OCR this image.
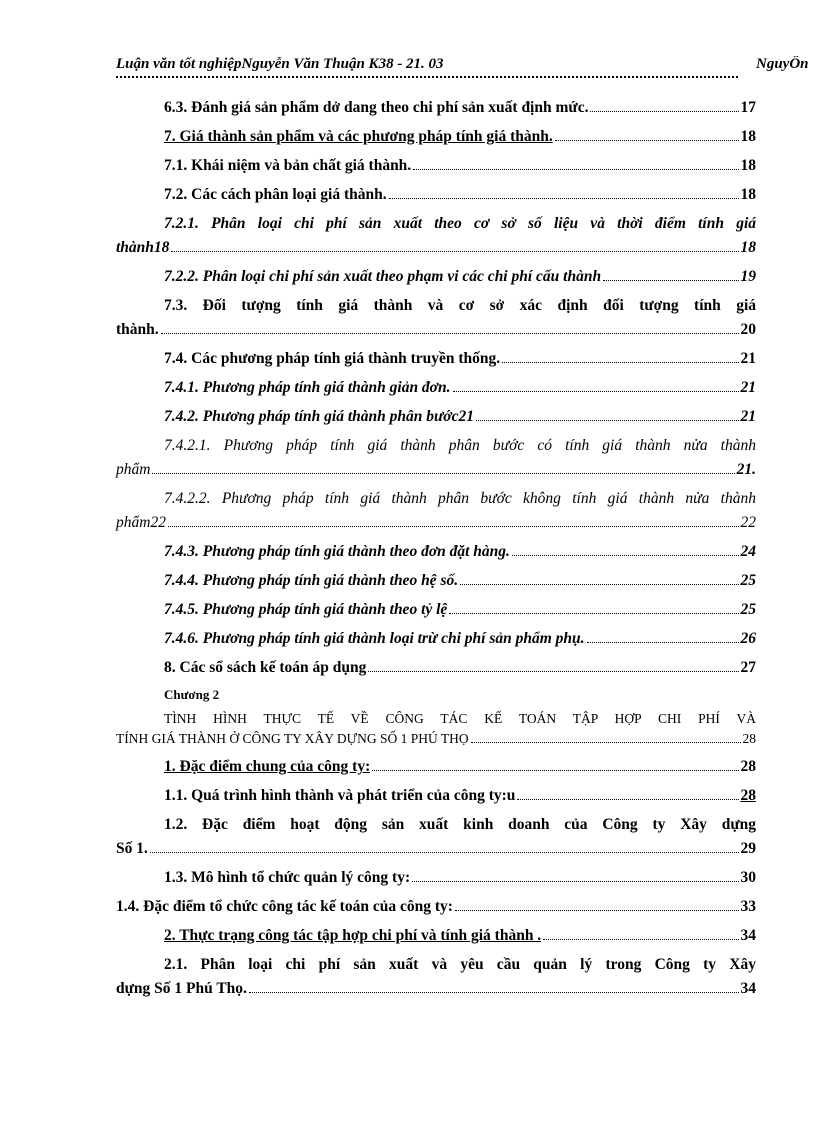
Luận văn tốt nghiệpNguyễn Văn Thuận K38 - 21. 03	NguyÔn
6.3. Đánh giá sản phẩm dở dang theo chi phí sản xuất định mức.	17
7. Giá thành sản phẩm và các phương pháp tính giá thành.	18
7.1. Khái niệm và bản chất giá thành.	18
7.2. Các cách phân loại giá thành.	18
7.2.1. Phân loại chi phí sản xuất theo cơ sở số liệu và thời điểm tính giá
thành18	18
7.2.2. Phân loại chi phí sản xuất theo phạm vi các chi phí cấu thành	19
7.3. Đối tượng tính giá thành và cơ sở xác định đối tượng tính giá
thành.	20
7.4. Các phương pháp tính giá thành truyền thống.	21
7.4.1. Phương pháp tính giá thành giản đơn.	21
7.4.2. Phương pháp tính giá thành phân bước21	21
7.4.2.1. Phương pháp tính giá thành phân bước có tính giá thành nửa thành
phẩm	21.
7.4.2.2. Phương pháp tính giá thành phân bước không tính giá thành nửa thành
phẩm22	22
7.4.3. Phương pháp tính giá thành theo đơn đặt hàng.	24
7.4.4. Phương pháp tính giá thành theo hệ số.	25
7.4.5. Phương pháp tính giá thành theo tỷ lệ	25
7.4.6. Phương pháp tính giá thành loại trừ chi phí sản phẩm phụ.	26
8. Các sổ sách kế toán áp dụng	27
Chương 2
TÌNH HÌNH THỰC TẾ VỀ CÔNG TÁC KẾ TOÁN TẬP HỢP CHI PHÍ VÀ
TÍNH GIÁ THÀNH Ở CÔNG TY XÂY DỰNG SỐ 1 PHÚ THỌ	28
1. Đặc điểm chung của công ty:	28
1.1. Quá trình hình thành và phát triển của công ty:u	28
1.2. Đặc điểm hoạt động sản xuất kinh doanh của Công ty Xây dựng
Số 1.	29
1.3. Mô hình tổ chức quản lý công ty:	30
1.4. Đặc điểm tổ chức công tác kế toán của công ty:	33
2. Thực trạng công tác tập hợp chi phí và tính giá thành .	34
2.1. Phân loại chi phí sản xuất và yêu cầu quản lý trong Công ty Xây
dựng Số 1 Phú Thọ.	34
